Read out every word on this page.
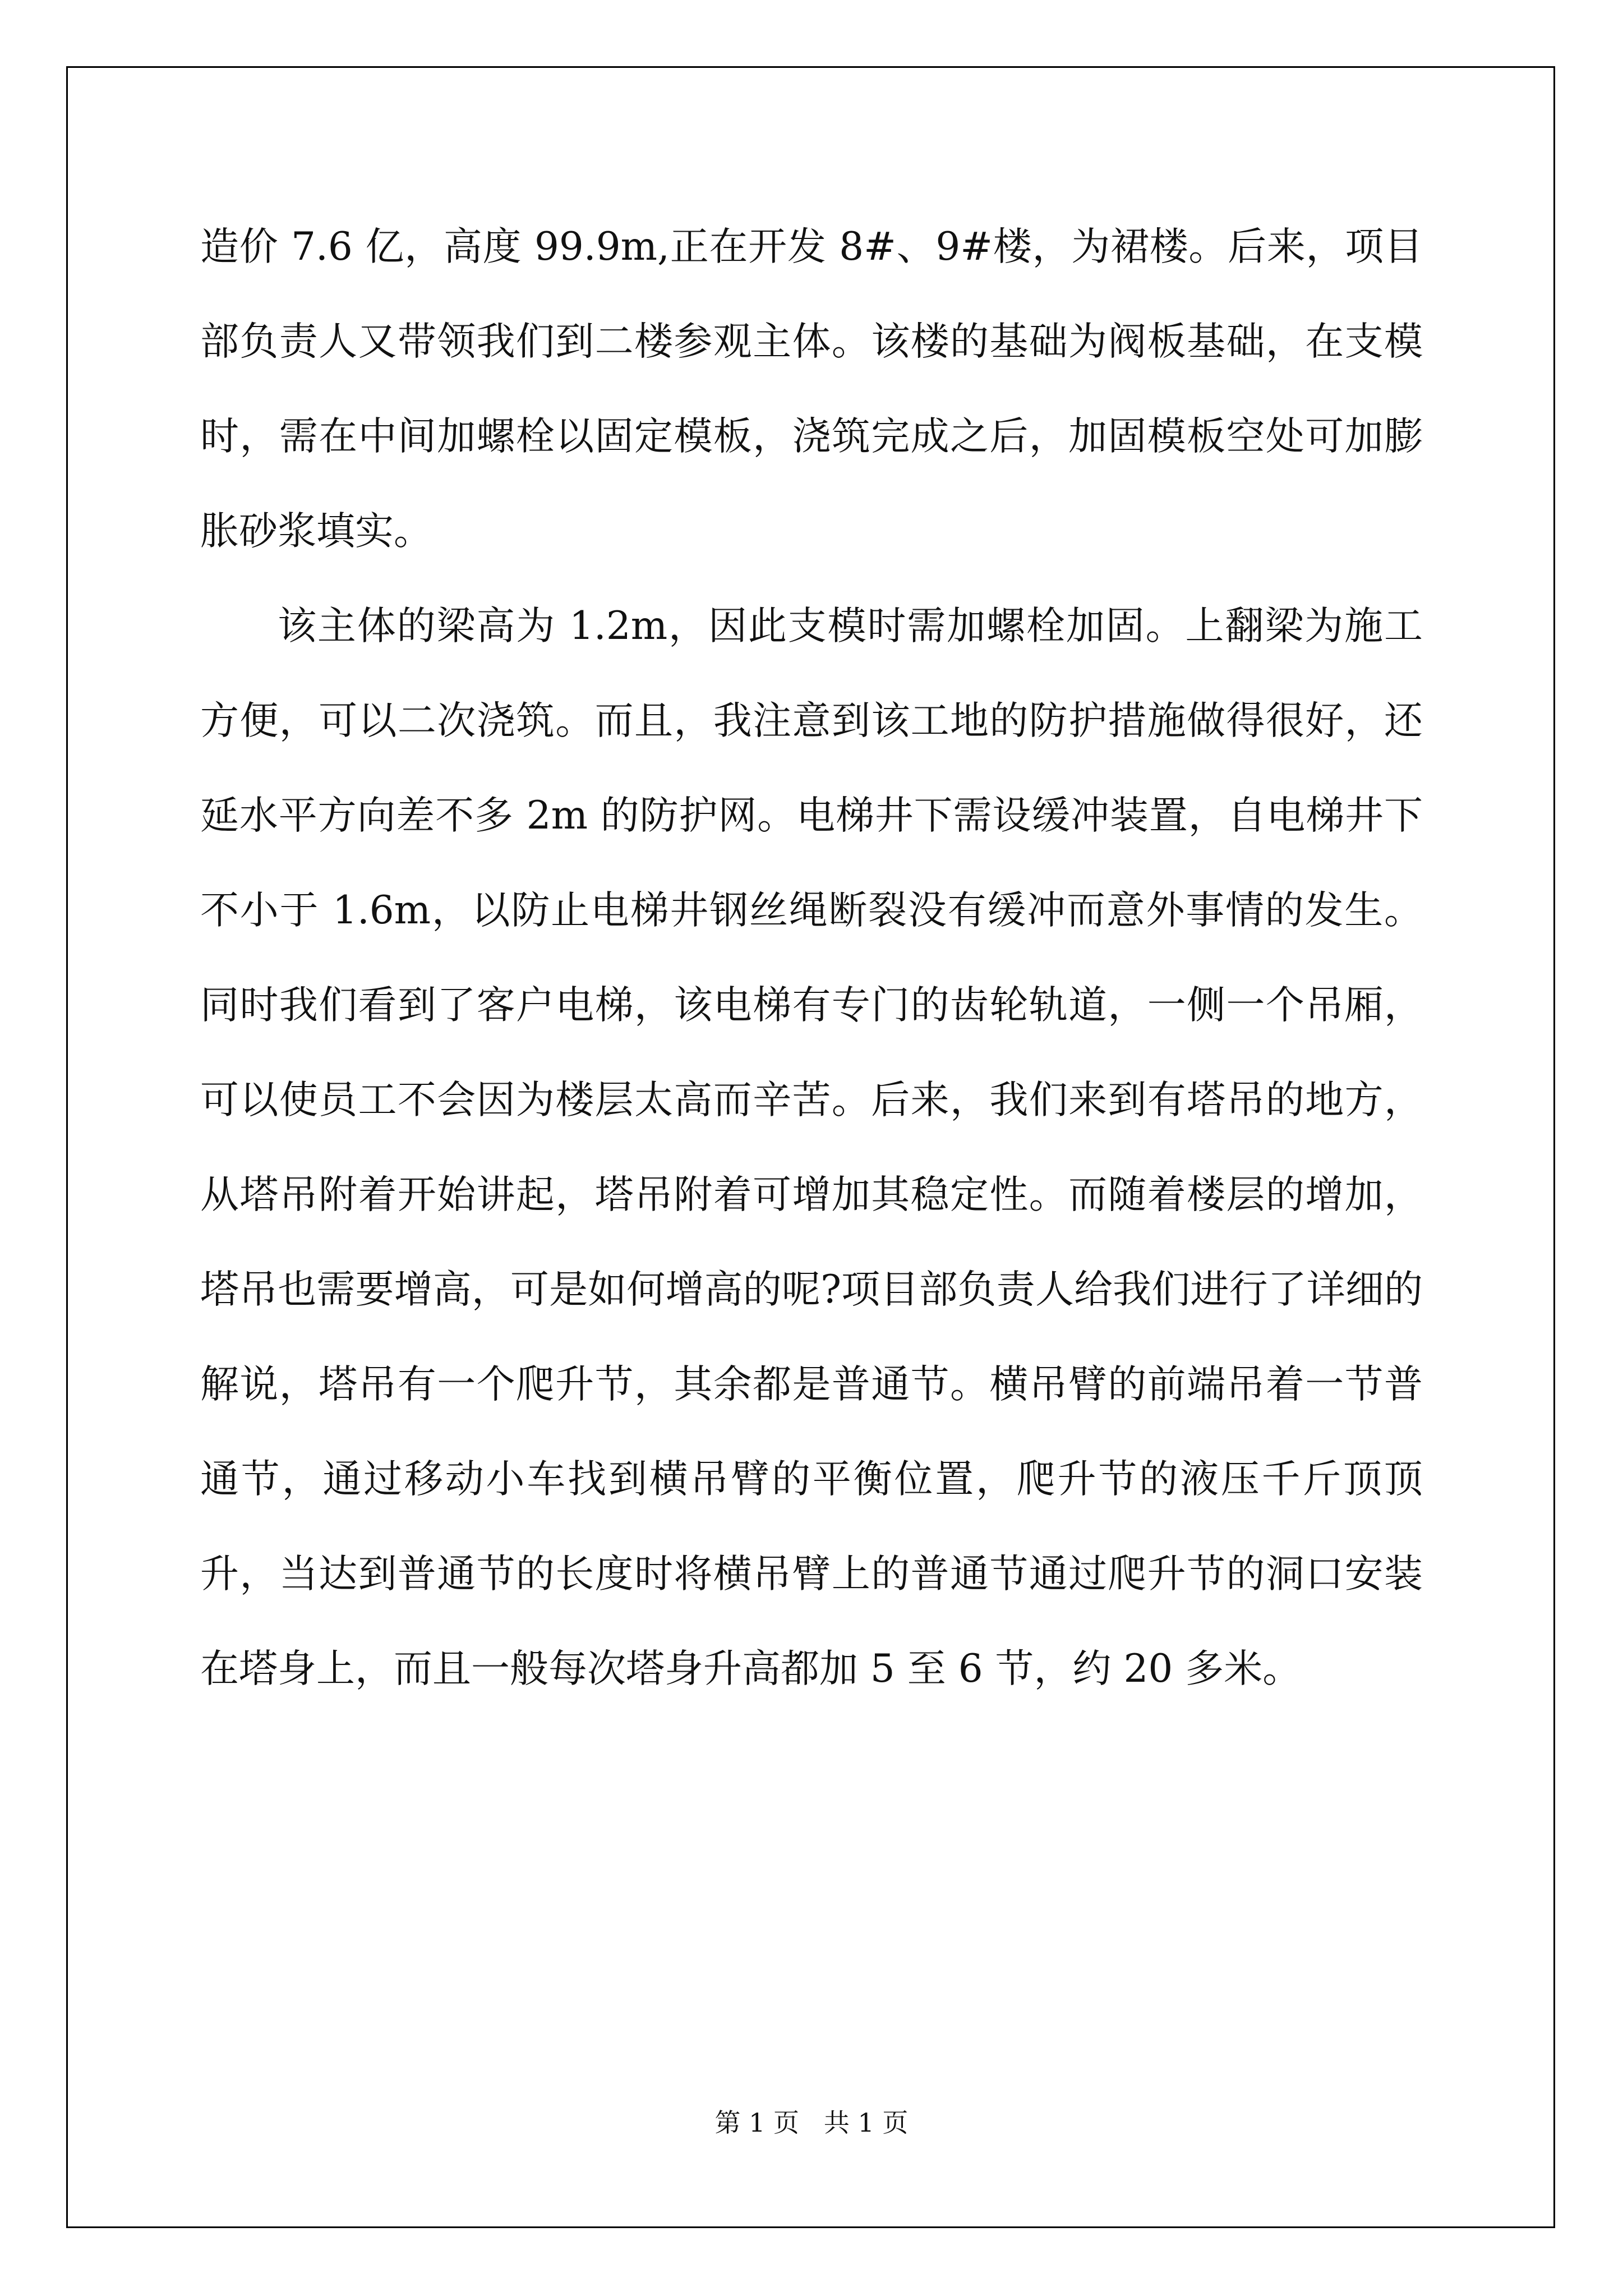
造价 7.6 亿，高度 99.9m,正在开发 8#、9#楼，为裙楼。后来，项目部负责人又带领我们到二楼参观主体。该楼的基础为阀板基础，在支模时，需在中间加螺栓以固定模板，浇筑完成之后，加固模板空处可加膨胀砂浆填实。

该主体的梁高为 1.2m，因此支模时需加螺栓加固。上翻梁为施工方便，可以二次浇筑。而且，我注意到该工地的防护措施做得很好，还延水平方向差不多 2m 的防护网。电梯井下需设缓冲装置，自电梯井下不小于 1.6m，以防止电梯井钢丝绳断裂没有缓冲而意外事情的发生。同时我们看到了客户电梯，该电梯有专门的齿轮轨道，一侧一个吊厢，可以使员工不会因为楼层太高而辛苦。后来，我们来到有塔吊的地方，从塔吊附着开始讲起，塔吊附着可增加其稳定性。而随着楼层的增加，塔吊也需要增高，可是如何增高的呢?项目部负责人给我们进行了详细的解说，塔吊有一个爬升节，其余都是普通节。横吊臂的前端吊着一节普通节，通过移动小车找到横吊臂的平衡位置，爬升节的液压千斤顶顶升，当达到普通节的长度时将横吊臂上的普通节通过爬升节的洞口安装在塔身上，而且一般每次塔身升高都加 5 至 6 节，约 20 多米。

第 1 页   共 1 页
